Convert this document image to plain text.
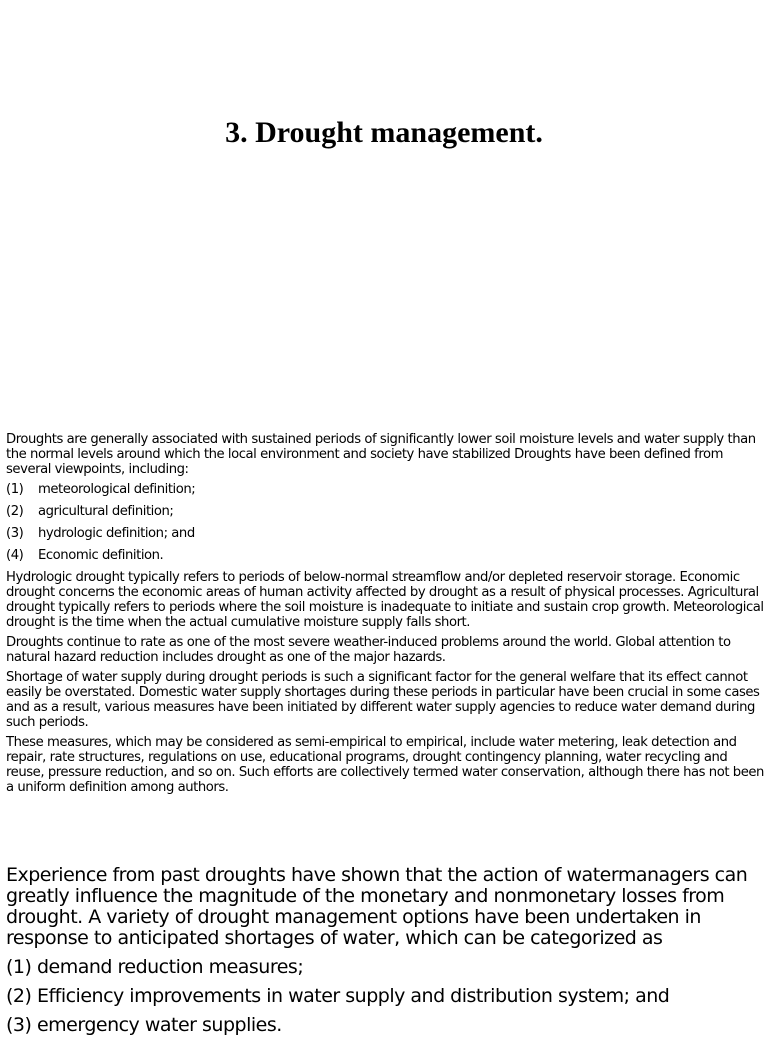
3. Drought management.

Droughts are generally associated with sustained periods of significantly lower soil moisture levels and water supply than the normal levels around which the local environment and society have stabilized Droughts have been defined from several viewpoints, including:

(1)	meteorological definition;
(2)	agricultural definition;
(3)	hydrologic definition; and
(4)	Economic definition.

Hydrologic drought typically refers to periods of below-normal streamflow and/or depleted reservoir storage. Economic drought concerns the economic areas of human activity affected by drought as a result of physical processes. Agricultural drought typically refers to periods where the soil moisture is inadequate to initiate and sustain crop growth. Meteorological drought is the time when the actual cumulative moisture supply falls short.

Droughts continue to rate as one of the most severe weather-induced problems around the world. Global attention to natural hazard reduction includes drought as one of the major hazards.

Shortage of water supply during drought periods is such a significant factor for the general welfare that its effect cannot easily be overstated. Domestic water supply shortages during these periods in particular have been crucial in some cases and as a result, various measures have been initiated by different water supply agencies to reduce water demand during such periods.

These measures, which may be considered as semi-empirical to empirical, include water metering, leak detection and repair, rate structures, regulations on use, educational programs, drought contingency planning, water recycling and reuse, pressure reduction, and so on. Such efforts are collectively termed water conservation, although there has not been a uniform definition among authors.

Experience from past droughts have shown that the action of watermanagers can greatly influence the magnitude of the monetary and nonmonetary losses from drought. A variety of drought management options have been undertaken in response to anticipated shortages of water, which can be categorized as

(1) demand reduction measures;
(2) Efficiency improvements in water supply and distribution system; and
(3) emergency water supplies.
